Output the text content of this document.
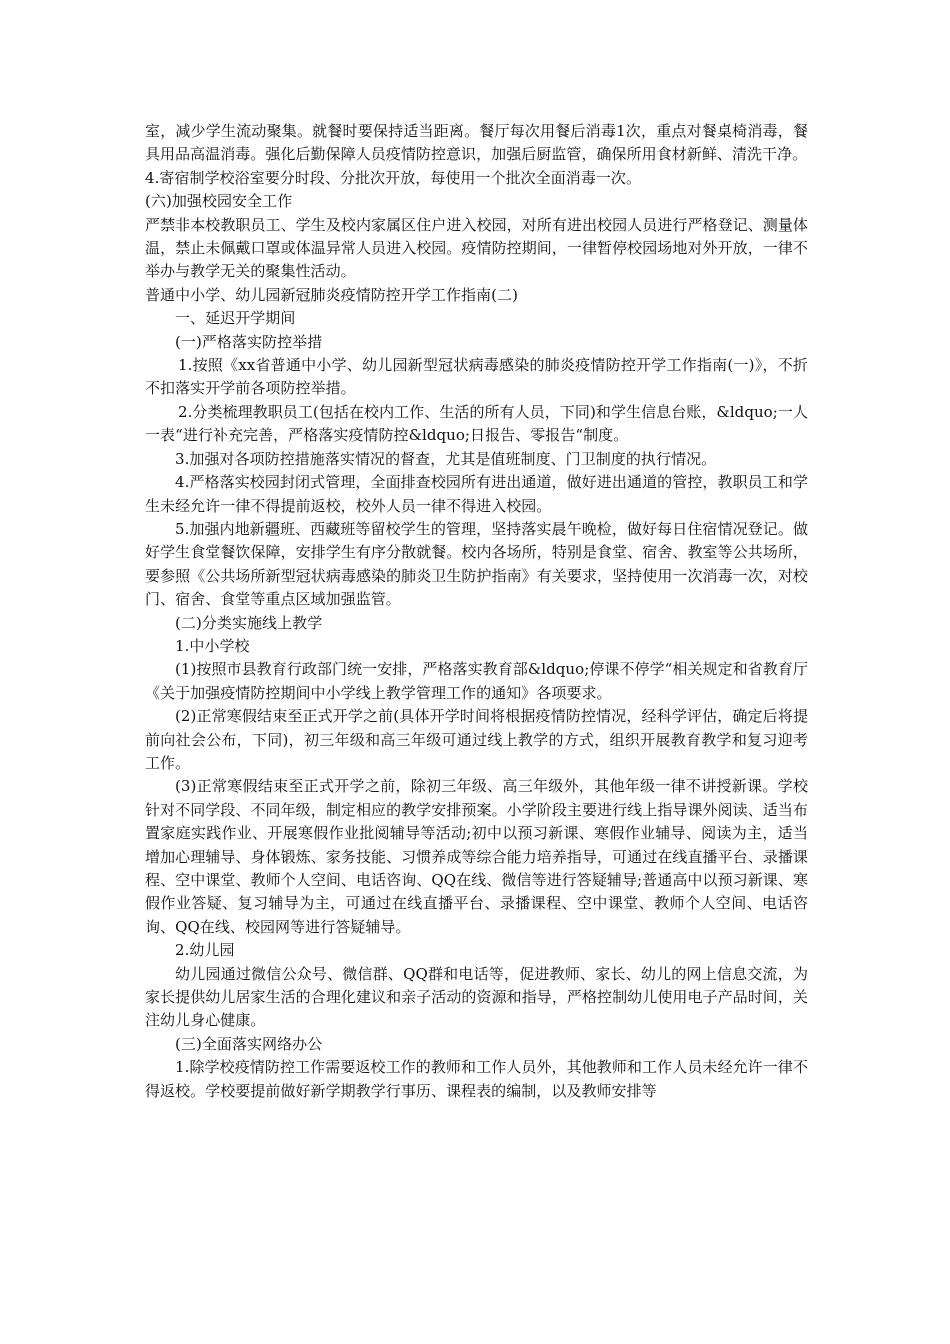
室，减少学生流动聚集。就餐时要保持适当距离。餐厅每次用餐后消毒1次，重点对餐桌椅消毒，餐具用品高温消毒。强化后勤保障人员疫情防控意识，加强后厨监管，确保所用食材新鲜、清洗干净。

4.寄宿制学校浴室要分时段、分批次开放，每使用一个批次全面消毒一次。

(六)加强校园安全工作

严禁非本校教职员工、学生及校内家属区住户进入校园，对所有进出校园人员进行严格登记、测量体温，禁止未佩戴口罩或体温异常人员进入校园。疫情防控期间，一律暂停校园场地对外开放，一律不举办与教学无关的聚集性活动。

普通中小学、幼儿园新冠肺炎疫情防控开学工作指南(二)

一、延迟开学期间

(一)严格落实防控举措

1.按照《xx省普通中小学、幼儿园新型冠状病毒感染的肺炎疫情防控开学工作指南(一)》，不折不扣落实开学前各项防控举措。

2.分类梳理教职员工(包括在校内工作、生活的所有人员，下同)和学生信息台账，&ldquo;一人一表“进行补充完善，严格落实疫情防控&ldquo;日报告、零报告“制度。

3.加强对各项防控措施落实情况的督查，尤其是值班制度、门卫制度的执行情况。

4.严格落实校园封闭式管理，全面排查校园所有进出通道，做好进出通道的管控，教职员工和学生未经允许一律不得提前返校，校外人员一律不得进入校园。

5.加强内地新疆班、西藏班等留校学生的管理，坚持落实晨午晚检，做好每日住宿情况登记。做好学生食堂餐饮保障，安排学生有序分散就餐。校内各场所，特别是食堂、宿舍、教室等公共场所，要参照《公共场所新型冠状病毒感染的肺炎卫生防护指南》有关要求，坚持使用一次消毒一次，对校门、宿舍、食堂等重点区域加强监管。

(二)分类实施线上教学

1.中小学校

(1)按照市县教育行政部门统一安排，严格落实教育部&ldquo;停课不停学“相关规定和省教育厅《关于加强疫情防控期间中小学线上教学管理工作的通知》各项要求。

(2)正常寒假结束至正式开学之前(具体开学时间将根据疫情防控情况，经科学评估，确定后将提前向社会公布，下同)，初三年级和高三年级可通过线上教学的方式，组织开展教育教学和复习迎考工作。

(3)正常寒假结束至正式开学之前，除初三年级、高三年级外，其他年级一律不讲授新课。学校针对不同学段、不同年级，制定相应的教学安排预案。小学阶段主要进行线上指导课外阅读、适当布置家庭实践作业、开展寒假作业批阅辅导等活动;初中以预习新课、寒假作业辅导、阅读为主，适当增加心理辅导、身体锻炼、家务技能、习惯养成等综合能力培养指导，可通过在线直播平台、录播课程、空中课堂、教师个人空间、电话咨询、QQ在线、微信等进行答疑辅导;普通高中以预习新课、寒假作业答疑、复习辅导为主，可通过在线直播平台、录播课程、空中课堂、教师个人空间、电话咨询、QQ在线、校园网等进行答疑辅导。

2.幼儿园

幼儿园通过微信公众号、微信群、QQ群和电话等，促进教师、家长、幼儿的网上信息交流，为家长提供幼儿居家生活的合理化建议和亲子活动的资源和指导，严格控制幼儿使用电子产品时间，关注幼儿身心健康。

(三)全面落实网络办公

1.除学校疫情防控工作需要返校工作的教师和工作人员外，其他教师和工作人员未经允许一律不得返校。学校要提前做好新学期教学行事历、课程表的编制，以及教师安排等
